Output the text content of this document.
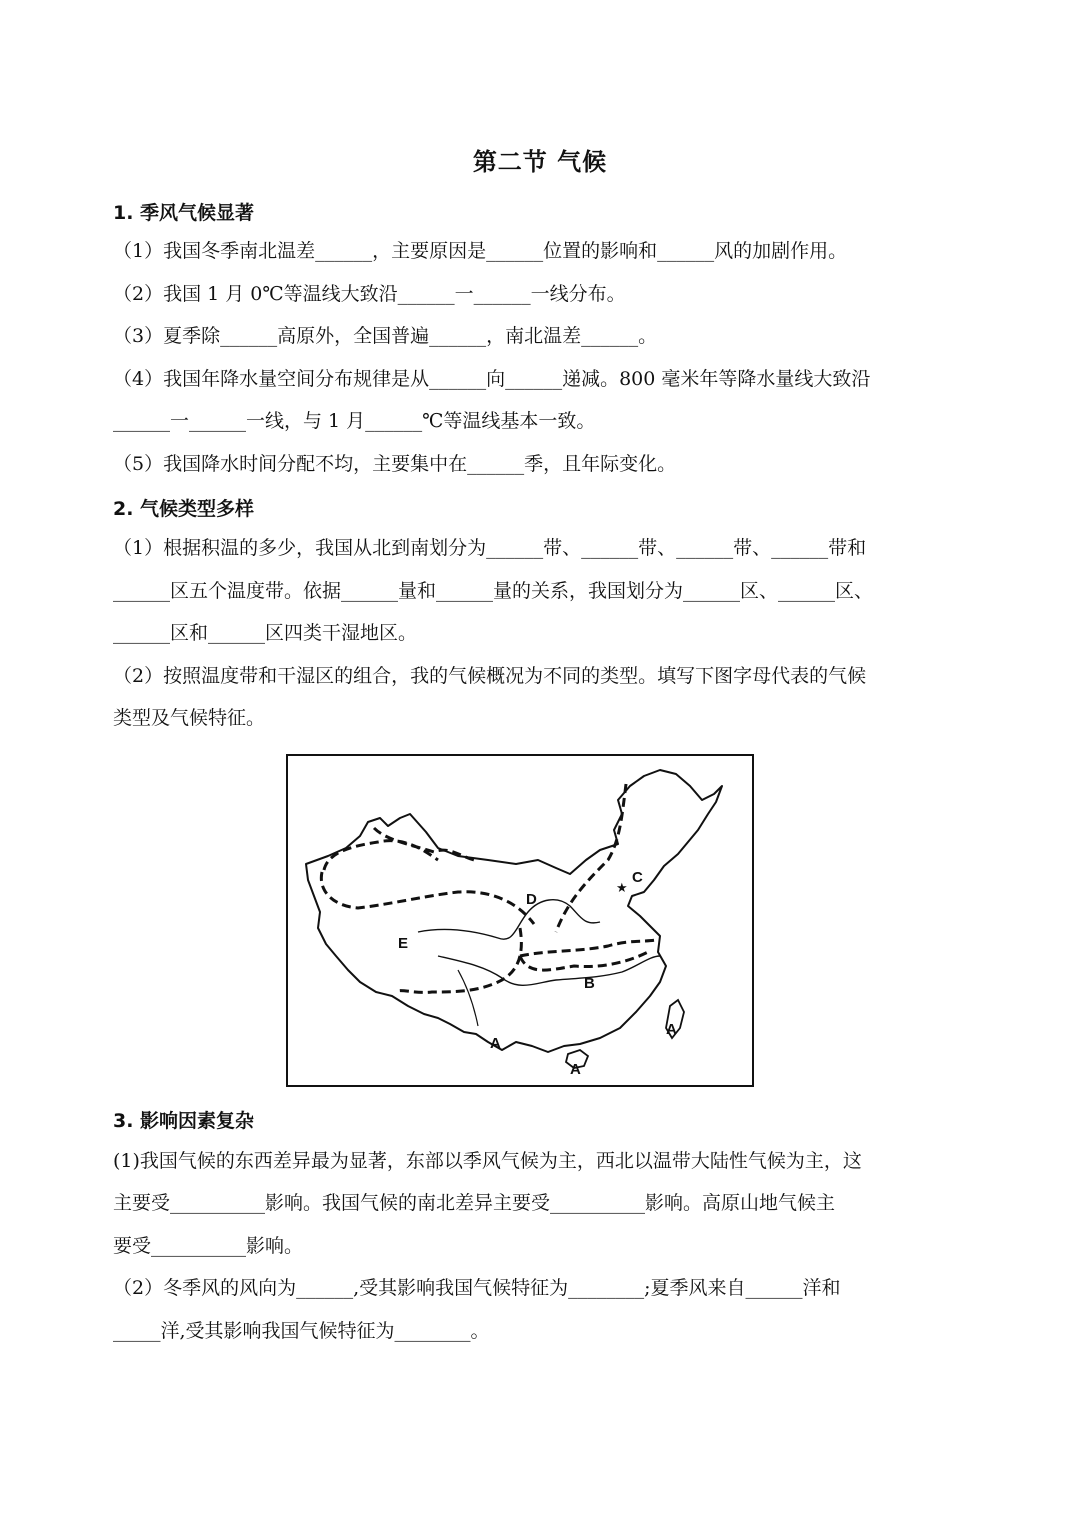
第二节 气候
1. 季风气候显著
（1）我国冬季南北温差______，主要原因是______位置的影响和______风的加剧作用。
（2）我国 1 月 0℃等温线大致沿______一______一线分布。
（3）夏季除______高原外，全国普遍______，南北温差______。
（4）我国年降水量空间分布规律是从______向______递减。800 毫米年等降水量线大致沿
______一______一线，与 1 月______℃等温线基本一致。
（5）我国降水时间分配不均，主要集中在______季，且年际变化。
2. 气候类型多样
（1）根据积温的多少，我国从北到南划分为______带、______带、______带、______带和
______区五个温度带。依据______量和______量的关系，我国划分为______区、______区、
______区和______区四类干湿地区。
（2）按照温度带和干湿区的组合，我的气候概况为不同的类型。填写下图字母代表的气候
类型及气候特征。
★
C
D
E
B
A
A
A
3. 影响因素复杂
(1)我国气候的东西差异最为显著，东部以季风气候为主，西北以温带大陆性气候为主，这
主要受__________影响。我国气候的南北差异主要受__________影响。高原山地气候主
要受__________影响。
（2）冬季风的风向为______,受其影响我国气候特征为________;夏季风来自______洋和
_____洋,受其影响我国气候特征为________。
